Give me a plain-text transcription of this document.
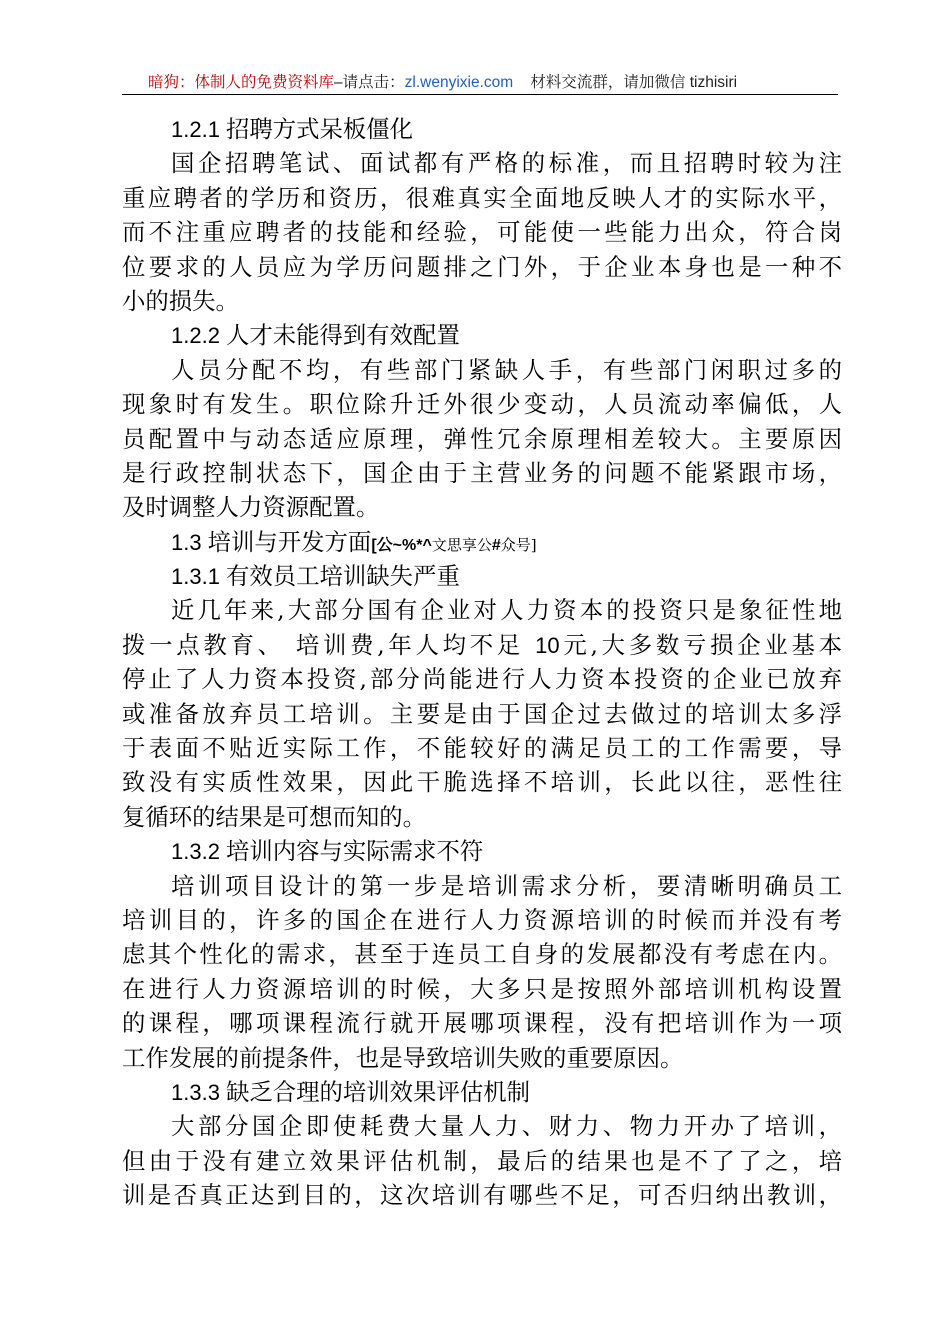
暗狗：体制人的免费资料库–请点击：zl.wenyixie.com 材料交流群，请加微信 tizhisiri
1.2.1 招聘方式呆板僵化
国企招聘笔试、面试都有严格的标准，而且招聘时较为注
重应聘者的学历和资历，很难真实全面地反映人才的实际水平，
而不注重应聘者的技能和经验，可能使一些能力出众，符合岗
位要求的人员应为学历问题排之门外，于企业本身也是一种不
小的损失。
1.2.2 人才未能得到有效配置
人员分配不均，有些部门紧缺人手，有些部门闲职过多的
现象时有发生。职位除升迁外很少变动，人员流动率偏低，人
员配置中与动态适应原理，弹性冗余原理相差较大。主要原因
是行政控制状态下，国企由于主营业务的问题不能紧跟市场，
及时调整人力资源配置。
1.3 培训与开发方面[公~%*^文思享公#众号]
1.3.1 有效员工培训缺失严重
近几年来,大部分国有企业对人力资本的投资只是象征性地
拨一点教育、 培训费,年人均不足 10元,大多数亏损企业基本
停止了人力资本投资,部分尚能进行人力资本投资的企业已放弃
或准备放弃员工培训。主要是由于国企过去做过的培训太多浮
于表面不贴近实际工作，不能较好的满足员工的工作需要，导
致没有实质性效果，因此干脆选择不培训，长此以往，恶性往
复循环的结果是可想而知的。
1.3.2 培训内容与实际需求不符
培训项目设计的第一步是培训需求分析，要清晰明确员工
培训目的，许多的国企在进行人力资源培训的时候而并没有考
虑其个性化的需求，甚至于连员工自身的发展都没有考虑在内。
在进行人力资源培训的时候，大多只是按照外部培训机构设置
的课程，哪项课程流行就开展哪项课程，没有把培训作为一项
工作发展的前提条件，也是导致培训失败的重要原因。
1.3.3 缺乏合理的培训效果评估机制
大部分国企即使耗费大量人力、财力、物力开办了培训，
但由于没有建立效果评估机制，最后的结果也是不了了之，培
训是否真正达到目的，这次培训有哪些不足，可否归纳出教训，
